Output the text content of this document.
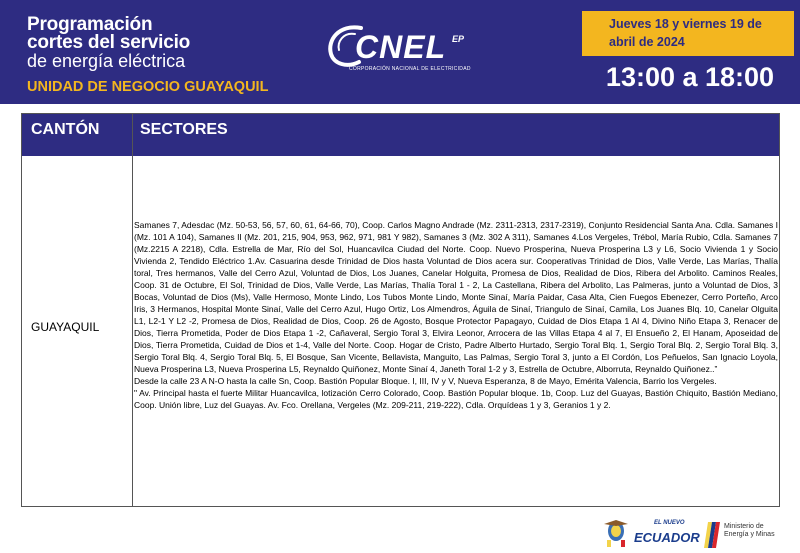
Programación
cortes del servicio
de energía eléctrica
UNIDAD DE NEGOCIO GUAYAQUIL
CNEL EP
CORPORACIÓN NACIONAL DE ELECTRICIDAD
Jueves 18 y viernes 19 de
abril de 2024
13:00 a 18:00
CANTÓN	SECTORES
GUAYAQUIL

Samanes 7, Adesdac (Mz. 50-53, 56, 57, 60, 61, 64-66, 70), Coop. Carlos Magno Andrade (Mz. 2311-2313, 2317-2319), Conjunto Residencial Santa Ana. Cdla. Samanes I (Mz. 101 A 104), Samanes II (Mz. 201, 215, 904, 953, 962, 971, 981 Y 982), Samanes 3 (Mz. 302 A 311), Samanes 4.Los Vergeles, Trébol, María Rubio, Cdla. Samanes 7 (Mz.2215 A 2218), Cdla. Estrella de Mar, Río del Sol, Huancavilca Ciudad del Norte. Coop. Nuevo Prosperina, Nueva Prosperina L3 y L6, Socio Vivienda 1 y Socio Vivienda 2, Tendido Eléctrico 1.Av. Casuarina desde Trinidad de Dios hasta Voluntad de Dios acera sur. Cooperativas Trinidad de Dios, Valle Verde, Las Marías, Thalía toral, Tres hermanos, Valle del Cerro Azul, Voluntad de Dios, Los Juanes, Canelar Holguita, Promesa de Dios, Realidad de Dios, Ribera del Arbolito. Caminos Reales, Coop. 31 de Octubre, El Sol, Trinidad de Dios, Valle Verde, Las Marías, Thalía Toral 1 - 2, La Castellana, Ribera del Arbolito, Las Palmeras, junto a Voluntad de Dios, 3 Bocas, Voluntad de Dios (Ms), Valle Hermoso, Monte Lindo, Los Tubos Monte Lindo, Monte Sinaí, María Paidar, Casa Alta, Cien Fuegos Ebenezer, Cerro Porteño, Arco Iris, 3 Hermanos, Hospital Monte Sinaí, Valle del Cerro Azul, Hugo Ortiz, Los Almendros, Águila de Sinaí, Triangulo de Sinaí, Camila, Los Juanes Blq. 10, Canelar Olguita L1, L2-1 Y L2 -2, Promesa de Dios, Realidad de Dios, Coop. 26 de Agosto, Bosque Protector Papagayo, Cuidad de Dios Etapa 1 Al 4, Divino Niño Etapa 3, Renacer de Dios, Tierra Prometida, Poder de Dios Etapa 1 -2, Cañaveral, Sergio Toral 3, Elvira Leonor, Arrocera de las Villas Etapa 4 al 7, El Ensueño 2, El Hanam, Aposeidad de Dios, Tierra Prometida, Cuidad de Dios et 1-4, Valle del Norte. Coop. Hogar de Cristo, Padre Alberto Hurtado, Sergio Toral Blq. 1, Sergio Toral Blq. 2, Sergio Toral Blq. 3, Sergio Toral Blq. 4, Sergio Toral Blq. 5, El Bosque, San Vicente, Bellavista, Manguito, Las Palmas, Sergio Toral 3, junto a El Cordón, Los Peñuelos, San Ignacio Loyola, Nueva Prosperina L3, Nueva Prosperina L5, Reynaldo Quiñonez, Monte Sinaí 4, Janeth Toral 1-2 y 3, Estrella de Octubre, Alborruta, Reynaldo Quiñonez..”

Desde la calle 23 A N-O hasta la calle Sn, Coop. Bastión Popular Bloque. I, III, IV y V, Nueva Esperanza, 8 de Mayo, Eméritа Valencia, Barrio los Vergeles.

" Av. Principal hasta el fuerte Militar Huancavilca, lotización Cerro Colorado, Coop. Bastión Popular bloque. 1b, Coop. Luz del Guayas, Bastión Chiquito, Bastión Mediano, Coop. Unión libre, Luz del Guayas. Av. Fco. Orellana, Vergeles (Mz. 209-211, 219-222), Cdla. Orquídeas 1 y 3, Geranios 1 y 2.

EL NUEVO
ECUADOR
Ministerio de
Energía y Minas
